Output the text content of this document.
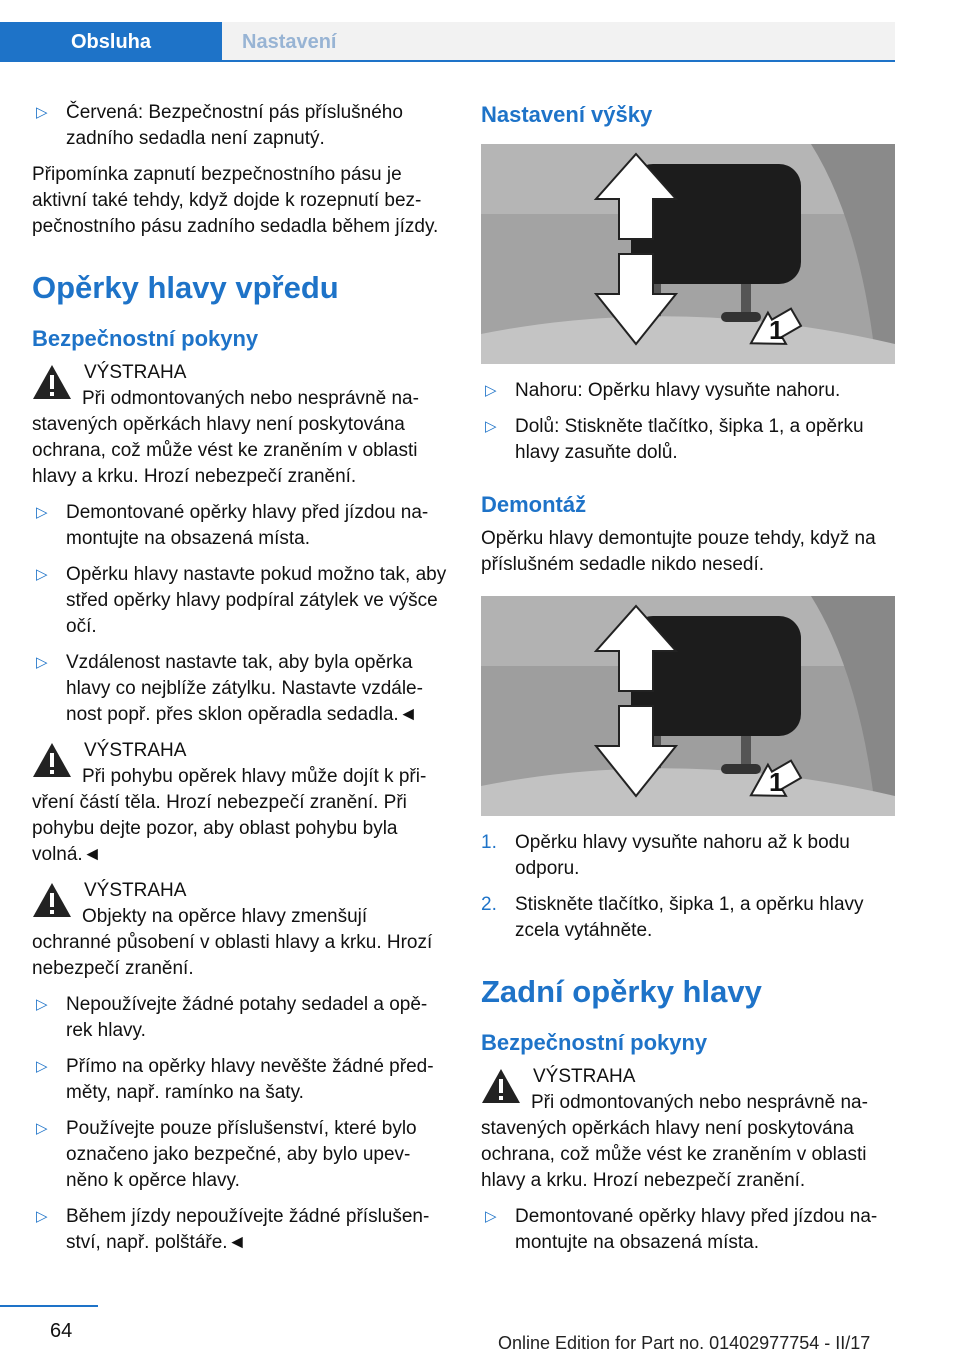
Obsluha	Nastavení
▷ Červená: Bezpečnostní pás příslušného zadního sedadla není zapnutý.

Připomínka zapnutí bezpečnostního pásu je aktivní také tehdy, když dojde k rozepnutí bez‐pečnostního pásu zadního sedadla během jízdy.

Opěrky hlavy vpředu
Bezpečnostní pokyny
VÝSTRAHA
Při odmontovaných nebo nesprávně na‐stavených opěrkách hlavy není poskytována ochrana, což může vést ke zraněním v oblasti hlavy a krku. Hrozí nebezpečí zranění.
▷ Demontované opěrky hlavy před jízdou na‐montujte na obsazená místa.
▷ Opěrku hlavy nastavte pokud možno tak, aby střed opěrky hlavy podpíral zátylek ve výšce očí.
▷ Vzdálenost nastavte tak, aby byla opěrka hlavy co nejblíže zátylku. Nastavte vzdále‐nost popř. přes sklon opěradla sedadla.◄
VÝSTRAHA
Při pohybu opěrek hlavy může dojít k při‐vření částí těla. Hrozí nebezpečí zranění. Při pohybu dejte pozor, aby oblast pohybu byla volná.◄
VÝSTRAHA
Objekty na opěrce hlavy zmenšují ochranné působení v oblasti hlavy a krku. Hrozí nebezpečí zranění.
▷ Nepoužívejte žádné potahy sedadel a opě‐rek hlavy.
▷ Přímo na opěrky hlavy nevěšte žádné před‐měty, např. ramínko na šaty.
▷ Používejte pouze příslušenství, které bylo označeno jako bezpečné, aby bylo upev‐něno k opěrce hlavy.
▷ Během jízdy nepoužívejte žádné příslušen‐ství, např. polštáře.◄
Nastavení výšky
1
▷ Nahoru: Opěrku hlavy vysuňte nahoru.
▷ Dolů: Stiskněte tlačítko, šipka 1, a opěrku hlavy zasuňte dolů.
Demontáž

Opěrku hlavy demontujte pouze tehdy, když na příslušném sedadle nikdo nesedí.

1
1. Opěrku hlavy vysuňte nahoru až k bodu odporu.
2. Stiskněte tlačítko, šipka 1, a opěrku hlavy zcela vytáhněte.
Zadní opěrky hlavy
Bezpečnostní pokyny
VÝSTRAHA
Při odmontovaných nebo nesprávně na‐stavených opěrkách hlavy není poskytována ochrana, což může vést ke zraněním v oblasti hlavy a krku. Hrozí nebezpečí zranění.
▷ Demontované opěrky hlavy před jízdou na‐montujte na obsazená místa.
64
Online Edition for Part no. 01402977754 - II/17
